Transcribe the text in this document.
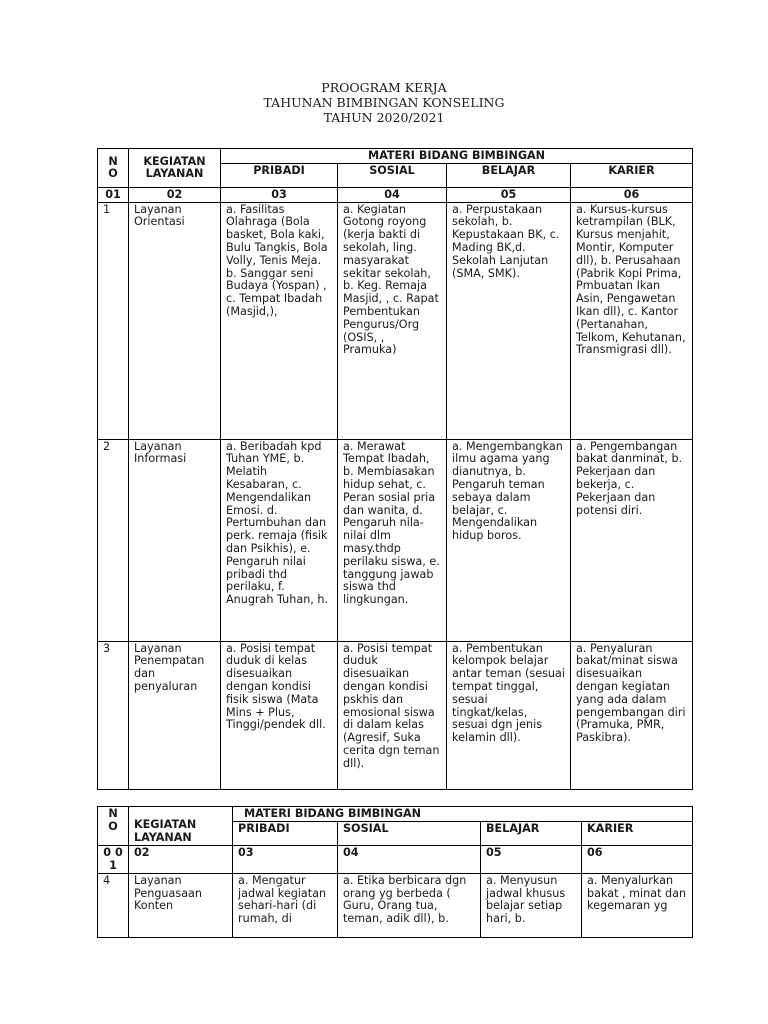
PROOGRAM KERJA
TAHUNAN BIMBINGAN KONSELING
TAHUN 2020/2021
N O	KEGIATAN LAYANAN	MATERI BIDANG BIMBINGAN			
		PRIBADI	SOSIAL	BELAJAR	KARIER
01	02	03	04	05	06
1	Layanan Orientasi	a. Fasilitas Olahraga (Bola basket, Bola kaki, Bulu Tangkis, Bola Volly, Tenis Meja. b. Sanggar seni Budaya (Yospan) , c. Tempat Ibadah (Masjid,),	a. Kegiatan Gotong royong (kerja bakti di sekolah, ling. masyarakat sekitar sekolah, b. Keg. Remaja Masjid, , c. Rapat Pembentukan Pengurus/Org (OSIS, , Pramuka)	a. Perpustakaan sekolah, b. Kepustakaan BK, c. Mading BK,d. Sekolah Lanjutan (SMA, SMK).	a. Kursus-kursus ketrampilan (BLK, Kursus menjahit, Montir, Komputer dll), b. Perusahaan (Pabrik Kopi Prima, Pmbuatan Ikan Asin, Pengawetan Ikan dll), c. Kantor (Pertanahan, Telkom, Kehutanan, Transmigrasi dll).
2	Layanan Informasi	a. Beribadah kpd Tuhan YME, b. Melatih Kesabaran, c. Mengendalikan Emosi. d. Pertumbuhan dan perk. remaja (fisik dan Psikhis), e. Pengaruh nilai pribadi thd perilaku, f. Anugrah Tuhan, h.	a. Merawat Tempat Ibadah, b. Membiasakan hidup sehat, c. Peran sosial pria dan wanita, d. Pengaruh nila-nilai dlm masy.thdp perilaku siswa, e. tanggung jawab siswa thd lingkungan.	a. Mengembangkan ilmu agama yang dianutnya, b. Pengaruh teman sebaya dalam belajar, c. Mengendalikan hidup boros.	a. Pengembangan bakat danminat, b. Pekerjaan dan bekerja, c. Pekerjaan dan potensi diri.
3	Layanan Penempatan dan penyaluran	a. Posisi tempat duduk di kelas disesuaikan dengan kondisi fisik siswa (Mata Mins + Plus, Tinggi/pendek dll.	a. Posisi tempat duduk disesuaikan dengan kondisi pskhis dan emosional siswa di dalam kelas (Agresif, Suka cerita dgn teman dll).	a. Pembentukan kelompok belajar antar teman (sesuai tempat tinggal, sesuai tingkat/kelas, sesuai dgn jenis kelamin dll).	a. Penyaluran bakat/minat siswa disesuaikan dengan kegiatan yang ada dalam pengembangan diri (Pramuka, PMR, Paskibra).
N O	KEGIATAN LAYANAN	MATERI BIDANG BIMBINGAN			
		PRIBADI	SOSIAL	BELAJAR	KARIER
0 0 1	02	03	04	05	06
4	Layanan Penguasaan Konten	a. Mengatur jadwal kegiatan sehari-hari (di rumah, di	a. Etika berbicara dgn orang yg berbeda ( Guru, Orang tua, teman, adik dll), b.	a. Menyusun jadwal khusus belajar setiap hari, b.	a. Menyalurkan bakat , minat dan kegemaran yg
